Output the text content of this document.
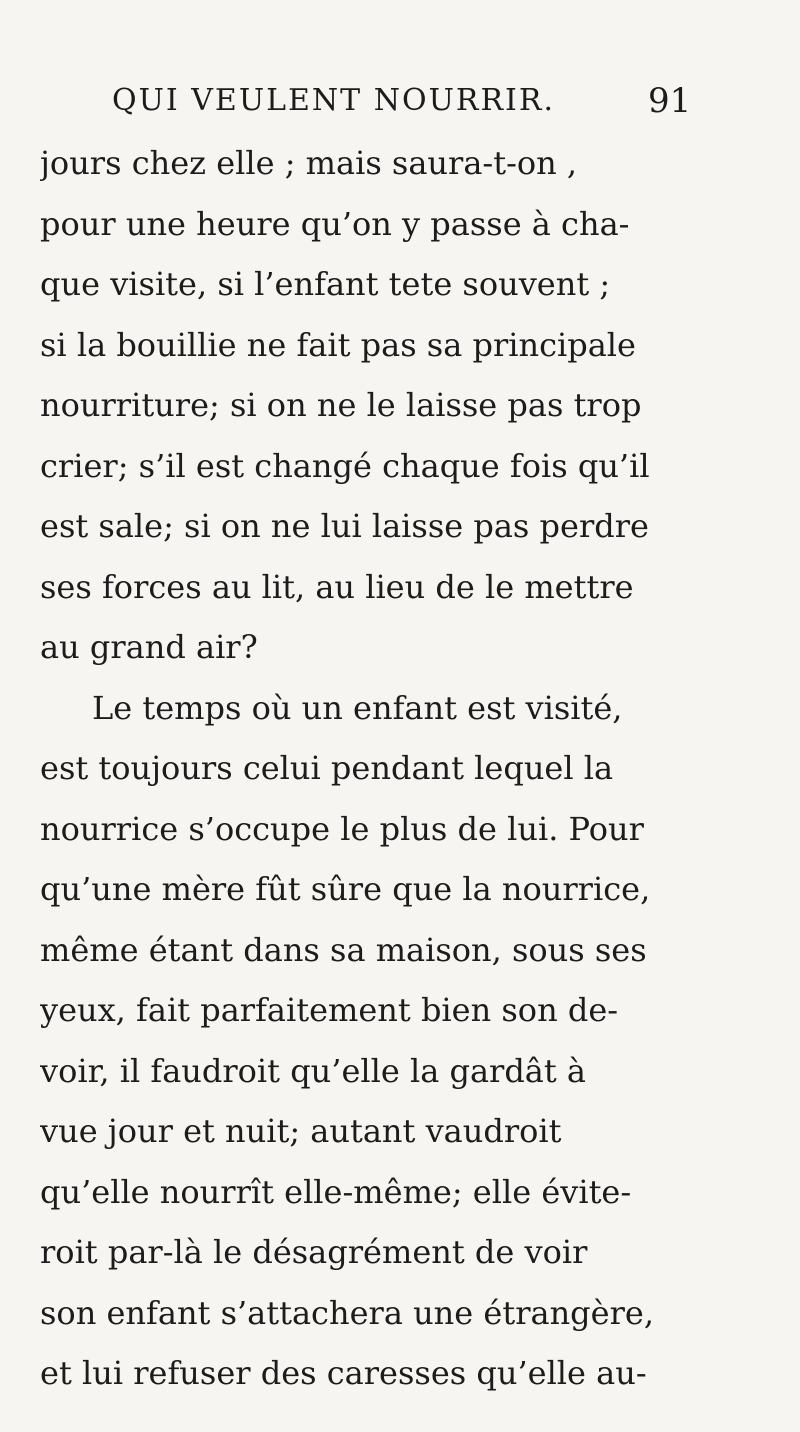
QUI VEULENT NOURRIR.	91
jours chez elle ; mais saura-t-on ,
pour une heure qu’on y passe à cha-
que visite, si l’enfant tete souvent ;
si la bouillie ne fait pas sa principale
nourriture; si on ne le laisse pas trop
crier; s’il est changé chaque fois qu’il
est sale; si on ne lui laisse pas perdre
ses forces au lit, au lieu de le mettre
au grand air?
Le temps où un enfant est visité,
est toujours celui pendant lequel la
nourrice s’occupe le plus de lui. Pour
qu’une mère fût sûre que la nourrice,
même étant dans sa maison, sous ses
yeux, fait parfaitement bien son de-
voir, il faudroit qu’elle la gardât à
vue jour et nuit; autant vaudroit
qu’elle nourrît elle-même; elle évite-
roit par-là le désagrément de voir
son enfant s’attachera une étrangère,
et lui refuser des caresses qu’elle au-
